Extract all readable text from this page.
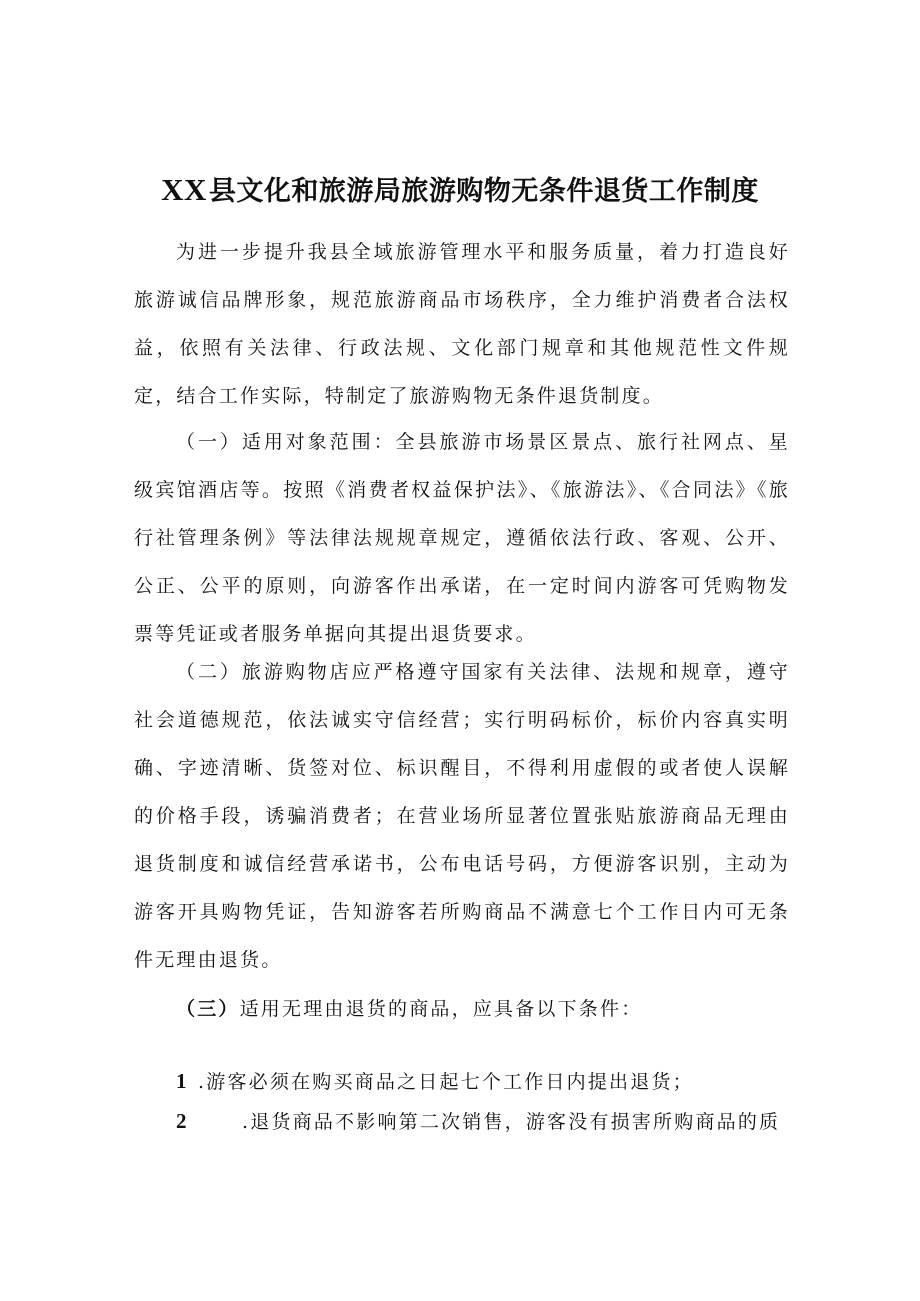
XX县文化和旅游局旅游购物无条件退货工作制度

为进一步提升我县全域旅游管理水平和服务质量，着力打造良好旅游诚信品牌形象，规范旅游商品市场秩序，全力维护消费者合法权益，依照有关法律、行政法规、文化部门规章和其他规范性文件规定，结合工作实际，特制定了旅游购物无条件退货制度。

（一）适用对象范围：全县旅游市场景区景点、旅行社网点、星级宾馆酒店等。按照《消费者权益保护法》、《旅游法》、《合同法》《旅行社管理条例》等法律法规规章规定，遵循依法行政、客观、公开、公正、公平的原则，向游客作出承诺，在一定时间内游客可凭购物发票等凭证或者服务单据向其提出退货要求。

（二）旅游购物店应严格遵守国家有关法律、法规和规章，遵守社会道德规范，依法诚实守信经营；实行明码标价，标价内容真实明确、字迹清晰、货签对位、标识醒目，不得利用虚假的或者使人误解的价格手段，诱骗消费者；在营业场所显著位置张贴旅游商品无理由退货制度和诚信经营承诺书，公布电话号码，方便游客识别，主动为游客开具购物凭证，告知游客若所购商品不满意七个工作日内可无条件无理由退货。

（三）适用无理由退货的商品，应具备以下条件：

1 .游客必须在购买商品之日起七个工作日内提出退货；
2	.退货商品不影响第二次销售，游客没有损害所购商品的质
